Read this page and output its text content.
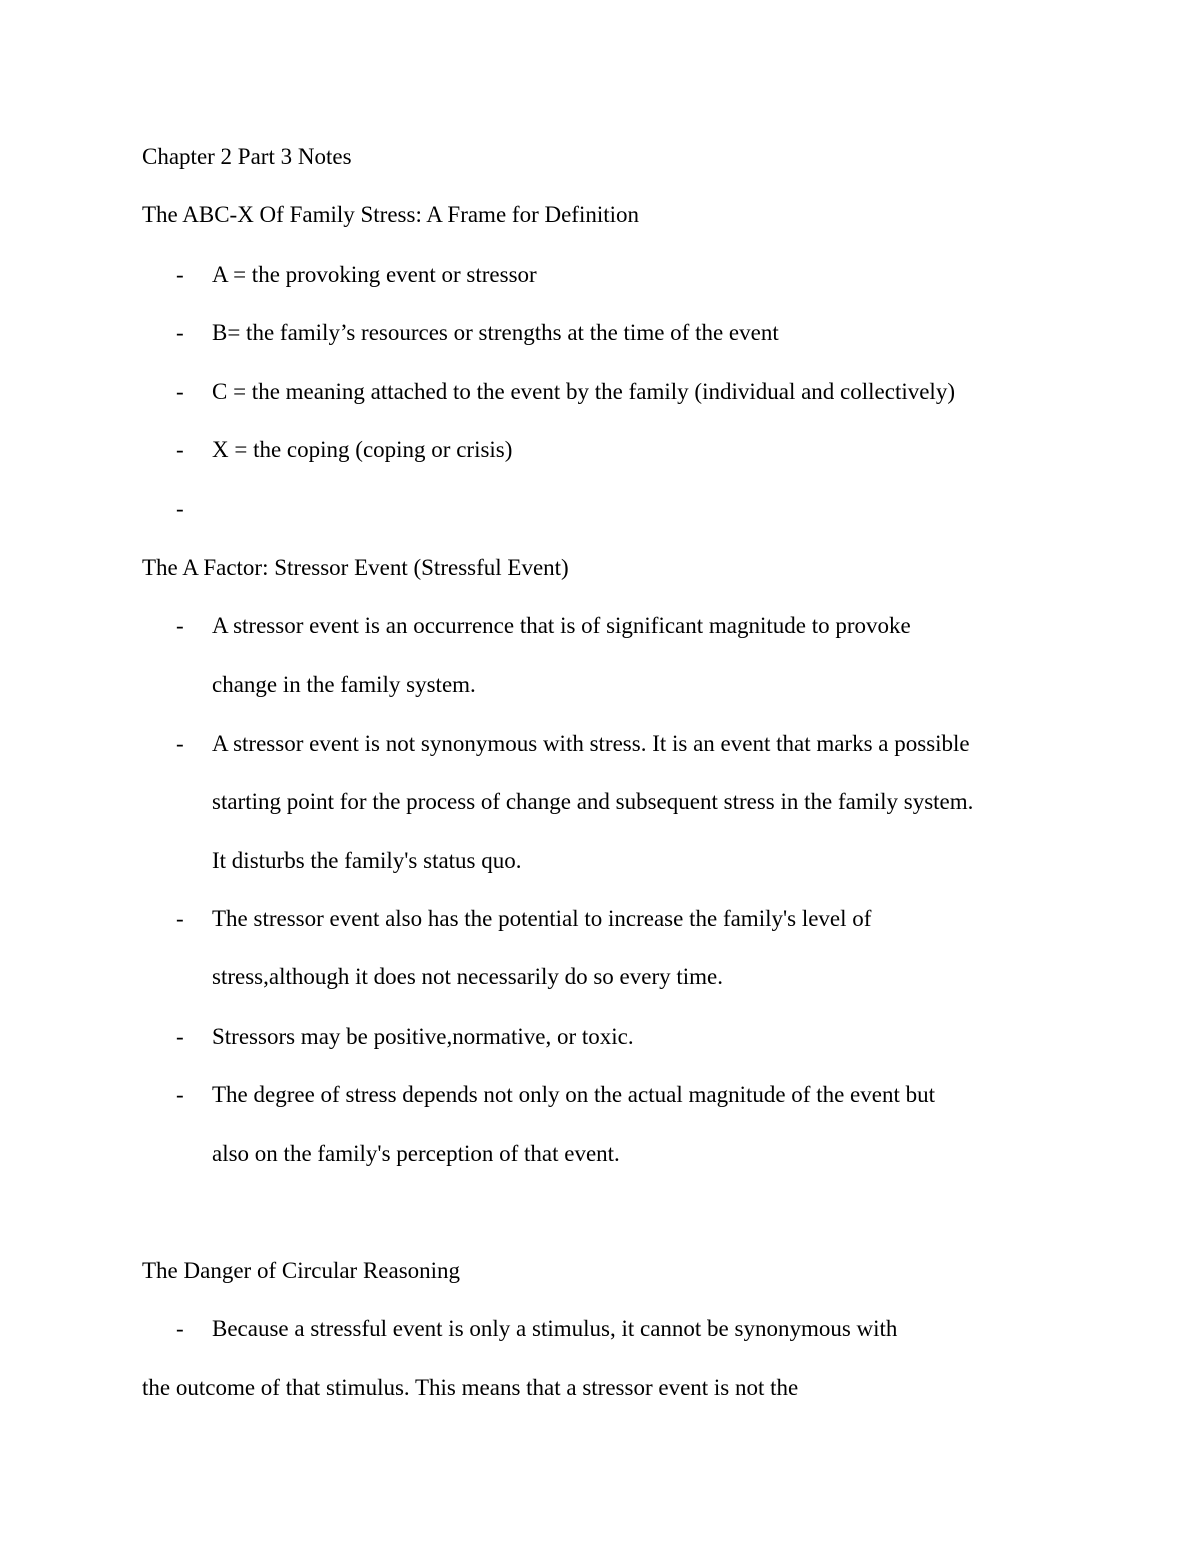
Chapter 2 Part 3 Notes
The ABC-X Of Family Stress: A Frame for Definition
- A = the provoking event or stressor
- B= the family’s resources or strengths at the time of the event
- C = the meaning attached to the event by the family (individual and collectively)
- X = the coping (coping or crisis)
-
The A Factor: Stressor Event (Stressful Event)
- A stressor event is an occurrence that is of significant magnitude to provoke
change in the family system.
- A stressor event is not synonymous with stress. It is an event that marks a possible
starting point for the process of change and subsequent stress in the family system.
It disturbs the family's status quo.
- The stressor event also has the potential to increase the family's level of
stress,although it does not necessarily do so every time.
- Stressors may be positive,normative, or toxic.
- The degree of stress depends not only on the actual magnitude of the event but
also on the family's perception of that event.
The Danger of Circular Reasoning
- Because a stressful event is only a stimulus, it cannot be synonymous with
the outcome of that stimulus. This means that a stressor event is not the
